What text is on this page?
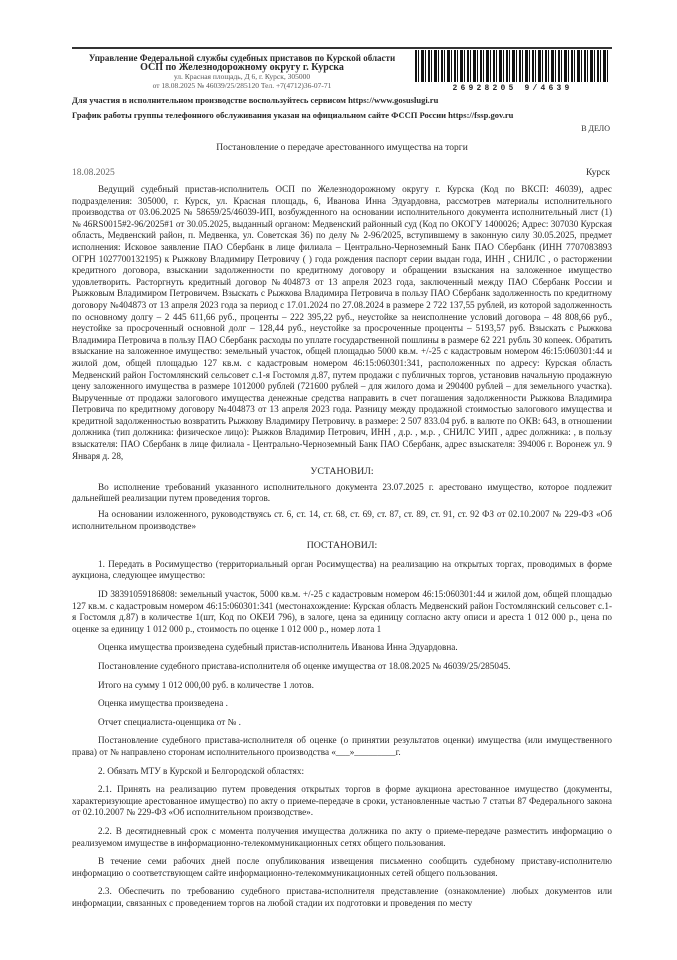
Управление Федеральной службы судебных приставов по Курской области
ОСП по Железнодорожному округу г. Курска
ул. Красная площадь, Д 6, г. Курск, 305000
от 18.08.2025 № 46039/25/285120 Тел. +7(4712)36-07-71	26928205 9/4639
Для участия в исполнительном производстве воспользуйтесь сервисом https://www.gosuslugi.ru
График работы группы телефонного обслуживания указан на официальном сайте ФССП России https://fssp.gov.ru
В ДЕЛО
Постановление о передаче арестованного имущества на торги
18.08.2025	Курск

Ведущий судебный пристав-исполнитель ОСП по Железнодорожному округу г. Курска (Код по ВКСП: 46039), адрес подразделения: 305000, г. Курск, ул. Красная площадь, 6, Иванова Инна Эдуардовна, рассмотрев материалы исполнительного производства от 03.06.2025 № 58659/25/46039-ИП, возбужденного на основании исполнительного документа исполнительный лист (1) № 46RS0015#2-96/2025#1 от 30.05.2025, выданный органом: Медвенский районный суд (Код по ОКОГУ 1400026; Адрес: 307030 Курская область, Медвенский район, п. Медвенка, ул. Советская 36) по делу № 2-96/2025, вступившему в законную силу 30.05.2025, предмет исполнения: Исковое заявление ПАО Сбербанк в лице филиала – Центрально-Черноземный Банк ПАО Сбербанк (ИНН 7707083893 ОГРН 1027700132195) к Рыжкову Владимиру Петровичу ( ) года рождения паспорт серии выдан года, ИНН , СНИЛС , о расторжении кредитного договора, взыскании задолженности по кредитному договору и обращении взыскания на заложенное имущество удовлетворить. Расторгнуть кредитный договор №404873 от 13 апреля 2023 года, заключенный между ПАО Сбербанк России и Рыжковым Владимиром Петровичем. Взыскать с Рыжкова Владимира Петровича в пользу ПАО Сбербанк задолженность по кредитному договору №404873 от 13 апреля 2023 года за период с 17.01.2024 по 27.08.2024 в размере 2 722 137,55 рублей, из которой задолженность по основному долгу – 2 445 611,66 руб., проценты – 222 395,22 руб., неустойке за неисполнение условий договора – 48 808,66 руб., неустойке за просроченный основной долг – 128,44 руб., неустойке за просроченные проценты – 5193,57 руб. Взыскать с Рыжкова Владимира Петровича в пользу ПАО Сбербанк расходы по уплате государственной пошлины в размере 62 221 рубль 30 копеек. Обратить взыскание на заложенное имущество: земельный участок, общей площадью 5000 кв.м. +/-25 с кадастровым номером 46:15:060301:44 и жилой дом, общей площадью 127 кв.м. с кадастровым номером 46:15:060301:341, расположенных по адресу: Курская область Медвенский район Гостомлянский сельсовет с.1-я Гостомля д.87, путем продажи с публичных торгов, установив начальную продажную цену заложенного имущества в размере 1012000 рублей (721600 рублей – для жилого дома и 290400 рублей – для земельного участка). Вырученные от продажи залогового имущества денежные средства направить в счет погашения задолженности Рыжкова Владимира Петровича по кредитному договору №404873 от 13 апреля 2023 года. Разницу между продажной стоимостью залогового имущества и кредитной задолженностью возвратить Рыжкову Владимиру Петровичу. в размере: 2 507 833.04 руб. в валюте по ОКВ: 643, в отношении должника (тип должника: физическое лицо): Рыжков Владимир Петрович, ИНН , д.р. , м.р. , СНИЛС УИП , адрес должника: , в пользу взыскателя: ПАО Сбербанк в лице филиала - Центрально-Черноземный Банк ПАО Сбербанк, адрес взыскателя: 394006 г. Воронеж ул. 9 Января д. 28,

УСТАНОВИЛ:

Во исполнение требований указанного исполнительного документа 23.07.2025 г. арестовано имущество, которое подлежит дальнейшей реализации путем проведения торгов.

На основании изложенного, руководствуясь ст. 6, ст. 14, ст. 68, ст. 69, ст. 87, ст. 89, ст. 91, ст. 92 ФЗ от 02.10.2007 № 229-ФЗ «Об исполнительном производстве»

ПОСТАНОВИЛ:

1. Передать в Росимущество (территориальный орган Росимущества) на реализацию на открытых торгах, проводимых в форме аукциона, следующее имущество:

ID 38391059186808: земельный участок, 5000 кв.м. +/-25 с кадастровым номером 46:15:060301:44 и жилой дом, общей площадью 127 кв.м. с кадастровым номером 46:15:060301:341 (местонахождение: Курская область Медвенский район Гостомлянский сельсовет с.1-я Гостомля д.87) в количестве 1(шт, Код по ОКЕИ 796), в залоге, цена за единицу согласно акту описи и ареста 1 012 000 р., цена по оценке за единицу 1 012 000 р., стоимость по оценке 1 012 000 р., номер лота 1

Оценка имущества произведена судебный пристав-исполнитель Иванова Инна Эдуардовна.

Постановление судебного пристава-исполнителя об оценке имущества от 18.08.2025 № 46039/25/285045.

Итого на сумму 1 012 000,00 руб. в количестве 1 лотов.

Оценка имущества произведена .

Отчет специалиста-оценщика от № .

Постановление судебного пристава-исполнителя об оценке (о принятии результатов оценки) имущества (или имущественного права) от № направлено сторонам исполнительного производства «___»_________г.

2. Обязать МТУ в Курской и Белгородской областях:

2.1. Принять на реализацию путем проведения открытых торгов в форме аукциона арестованное имущество (документы, характеризующие арестованное имущество) по акту о приеме-передаче в сроки, установленные частью 7 статьи 87 Федерального закона от 02.10.2007 № 229-ФЗ «Об исполнительном производстве».

2.2. В десятидневный срок с момента получения имущества должника по акту о приеме-передаче разместить информацию о реализуемом имуществе в информационно-телекоммуникационных сетях общего пользования.

В течение семи рабочих дней после опубликования извещения письменно сообщить судебному приставу-исполнителю информацию о соответствующем сайте информационно-телекоммуникационных сетей общего пользования.

2.3. Обеспечить по требованию судебного пристава-исполнителя представление (ознакомление) любых документов или информации, связанных с проведением торгов на любой стадии их подготовки и проведения по месту
